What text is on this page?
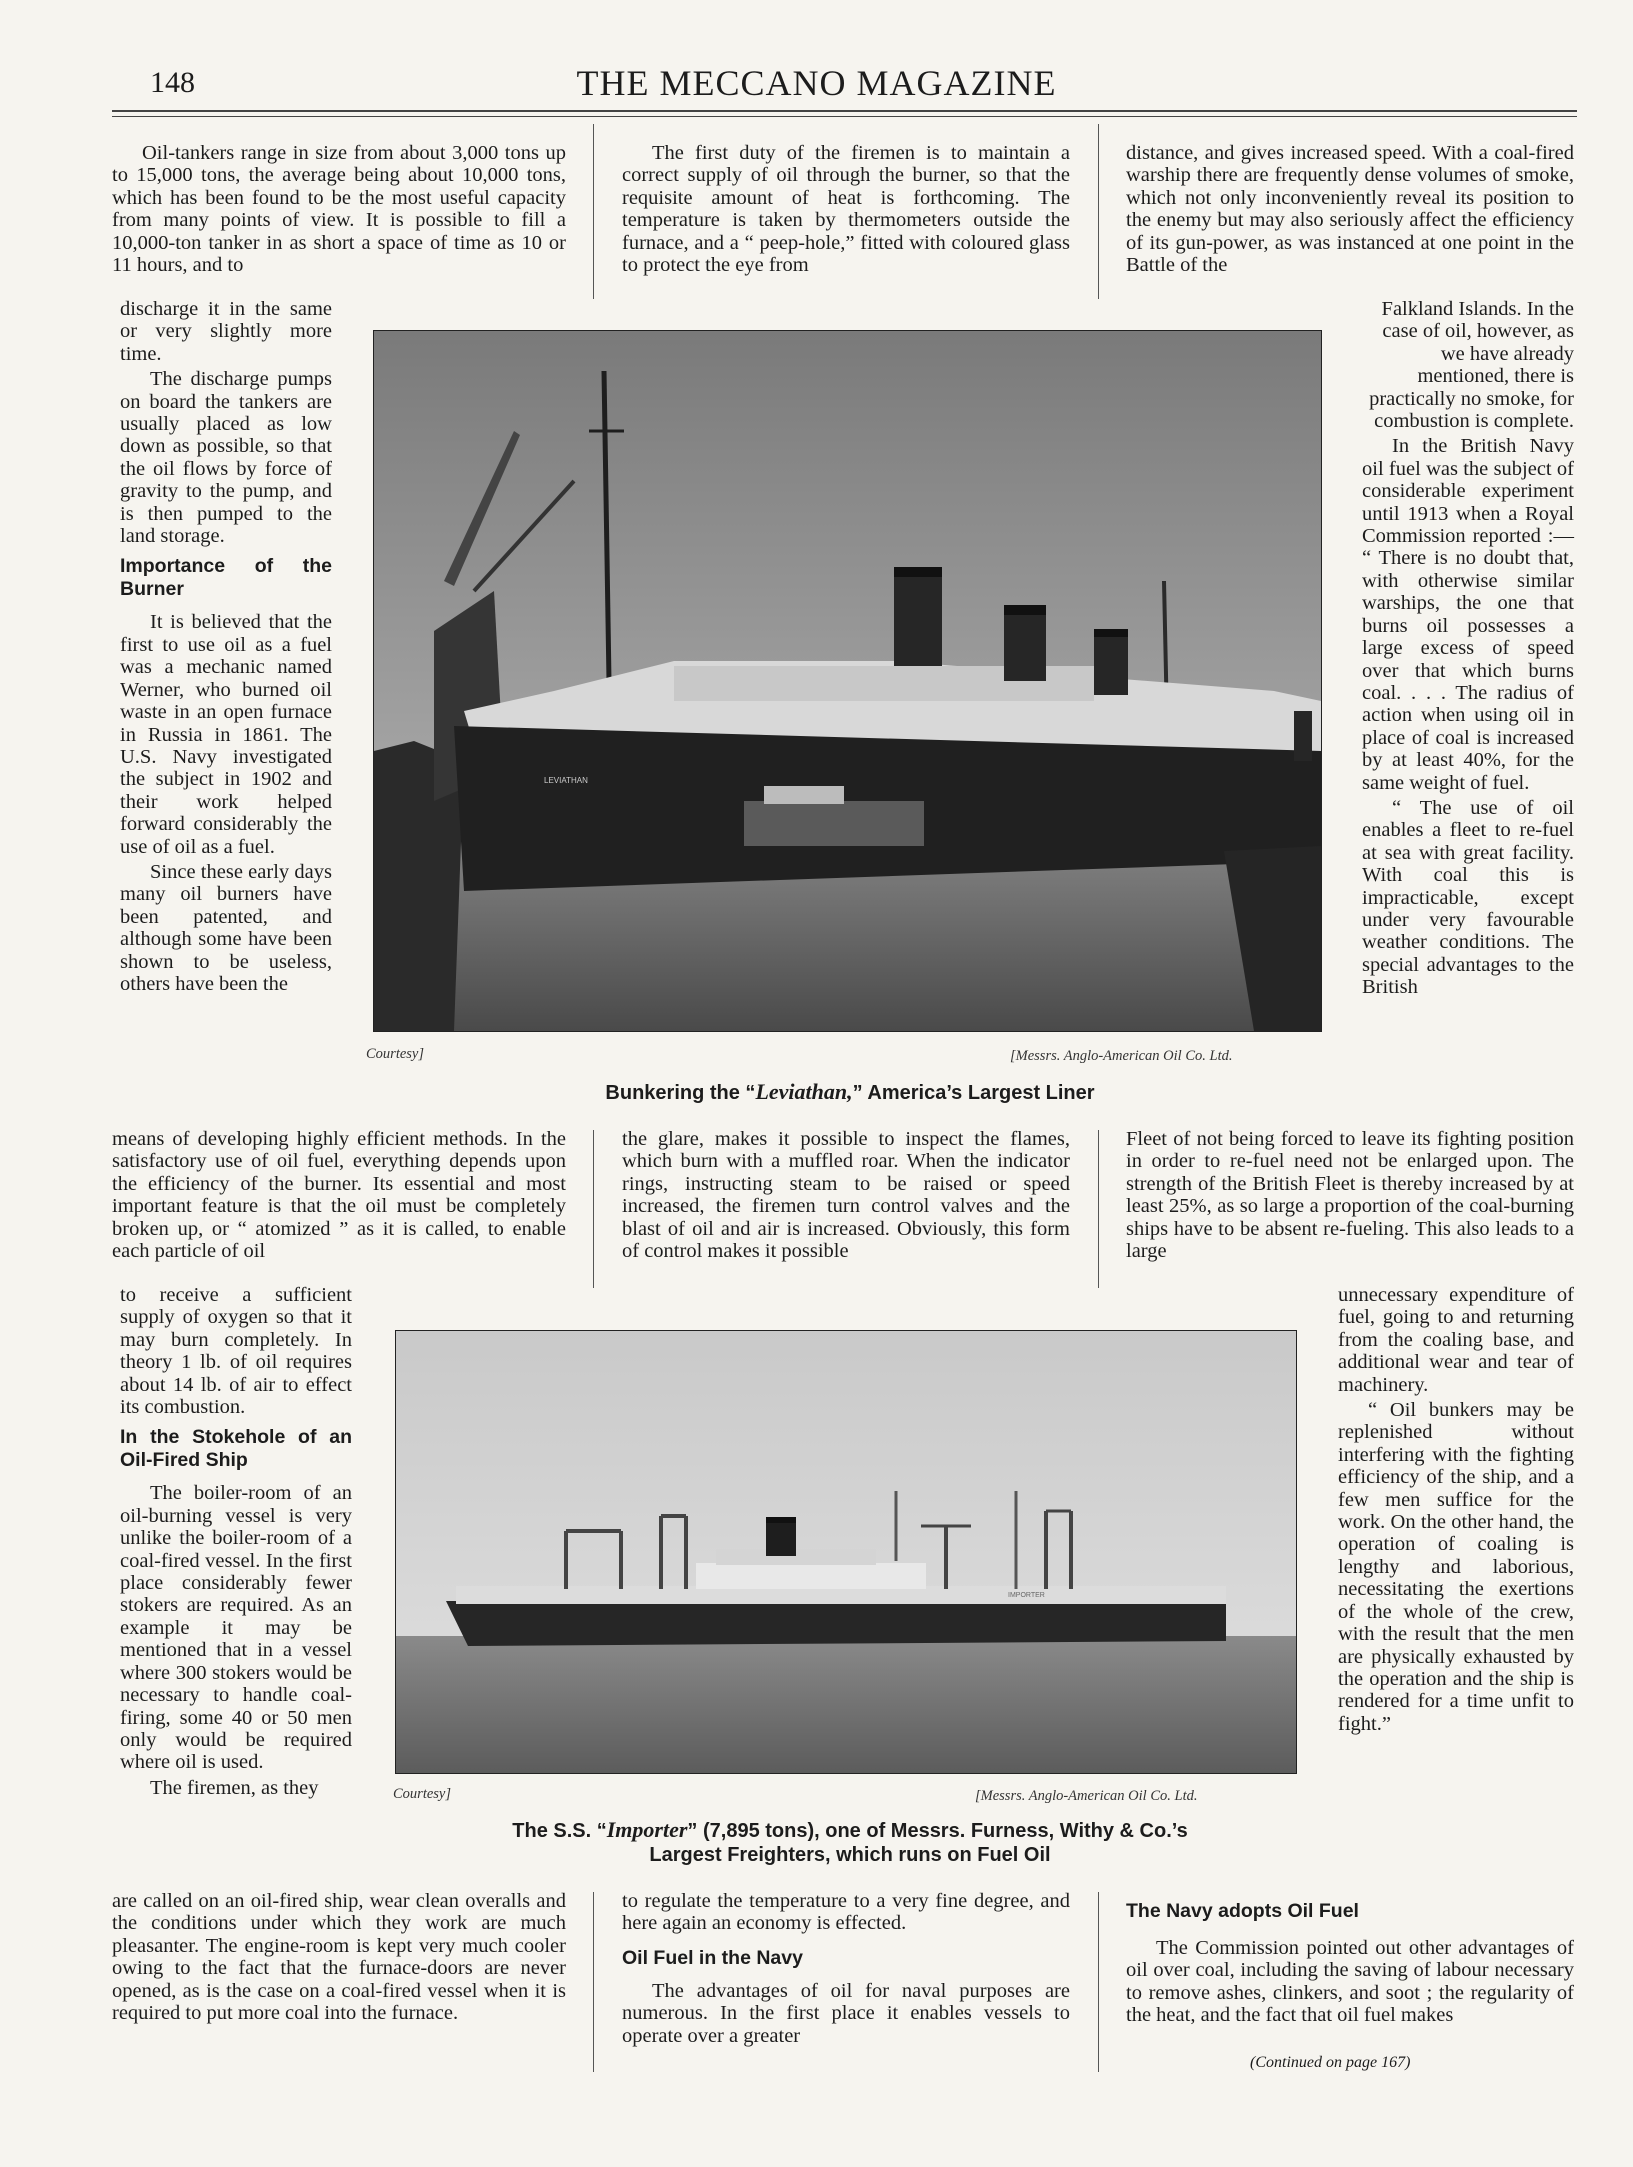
148	THE MECCANO MAGAZINE

Oil-tankers range in size from about 3,000 tons up to 15,000 tons, the average being about 10,000 tons, which has been found to be the most useful capacity from many points of view. It is possible to fill a 10,000-ton tanker in as short a space of time as 10 or 11 hours, and to

The first duty of the firemen is to maintain a correct supply of oil through the burner, so that the requisite amount of heat is forthcoming. The temperature is taken by thermometers outside the furnace, and a “ peep-hole,” fitted with coloured glass to protect the eye from

distance, and gives increased speed. With a coal-fired warship there are frequently dense volumes of smoke, which not only inconveniently reveal its position to the enemy but may also seriously affect the efficiency of its gun-power, as was instanced at one point in the Battle of the

discharge it in the same or very slightly more time.

The discharge pumps on board the tankers are usually placed as low down as possible, so that the oil flows by force of gravity to the pump, and is then pumped to the land storage.

Importance of the Burner

It is believed that the first to use oil as a fuel was a mechanic named Werner, who burned oil waste in an open furnace in Russia in 1861. The U.S. Navy investigated the subject in 1902 and their work helped forward considerably the use of oil as a fuel.

Since these early days many oil burners have been patented, and although some have been shown to be useless, others have been the

LEVIATHAN
Courtesy]	[Messrs. Anglo-American Oil Co. Ltd.
Bunkering the “Leviathan,” America’s Largest Liner

Falkland Islands. In the case of oil, however, as we have already mentioned, there is practically no smoke, for combustion is complete.

In the British Navy oil fuel was the subject of considerable experiment until 1913 when a Royal Commission reported :— “ There is no doubt that, with otherwise similar warships, the one that burns oil possesses a large excess of speed over that which burns coal. . . . The radius of action when using oil in place of coal is increased by at least 40%, for the same weight of fuel.

“ The use of oil enables a fleet to re-fuel at sea with great facility. With coal this is impracticable, except under very favourable weather conditions. The special advantages to the British

means of developing highly efficient methods. In the satisfactory use of oil fuel, everything depends upon the efficiency of the burner. Its essential and most important feature is that the oil must be completely broken up, or “ atomized ” as it is called, to enable each particle of oil

the glare, makes it possible to inspect the flames, which burn with a muffled roar. When the indicator rings, instructing steam to be raised or speed increased, the firemen turn control valves and the blast of oil and air is increased. Obviously, this form of control makes it possible

Fleet of not being forced to leave its fighting position in order to re-fuel need not be enlarged upon. The strength of the British Fleet is thereby increased by at least 25%, as so large a proportion of the coal-burning ships have to be absent re-fueling. This also leads to a large

to receive a sufficient supply of oxygen so that it may burn completely. In theory 1 lb. of oil requires about 14 lb. of air to effect its combustion.

In the Stokehole of an Oil-Fired Ship

The boiler-room of an oil-burning vessel is very unlike the boiler-room of a coal-fired vessel. In the first place considerably fewer stokers are required. As an example it may be mentioned that in a vessel where 300 stokers would be necessary to handle coal-firing, some 40 or 50 men only would be required where oil is used.

The firemen, as they

IMPORTER
Courtesy]	[Messrs. Anglo-American Oil Co. Ltd.
The S.S. “Importer” (7,895 tons), one of Messrs. Furness, Withy & Co.’s
Largest Freighters, which runs on Fuel Oil

unnecessary expenditure of fuel, going to and returning from the coaling base, and additional wear and tear of machinery.

“ Oil bunkers may be replenished without interfering with the fighting efficiency of the ship, and a few men suffice for the work. On the other hand, the operation of coaling is lengthy and laborious, necessitating the exertions of the whole of the crew, with the result that the men are physically exhausted by the operation and the ship is rendered for a time unfit to fight.”

are called on an oil-fired ship, wear clean overalls and the conditions under which they work are much pleasanter. The engine-room is kept very much cooler owing to the fact that the furnace-doors are never opened, as is the case on a coal-fired vessel when it is required to put more coal into the furnace.

to regulate the temperature to a very fine degree, and here again an economy is effected.

Oil Fuel in the Navy

The advantages of oil for naval purposes are numerous. In the first place it enables vessels to operate over a greater

The Navy adopts Oil Fuel

The Commission pointed out other advantages of oil over coal, including the saving of labour necessary to remove ashes, clinkers, and soot ; the regularity of the heat, and the fact that oil fuel makes

(Continued on page 167)
